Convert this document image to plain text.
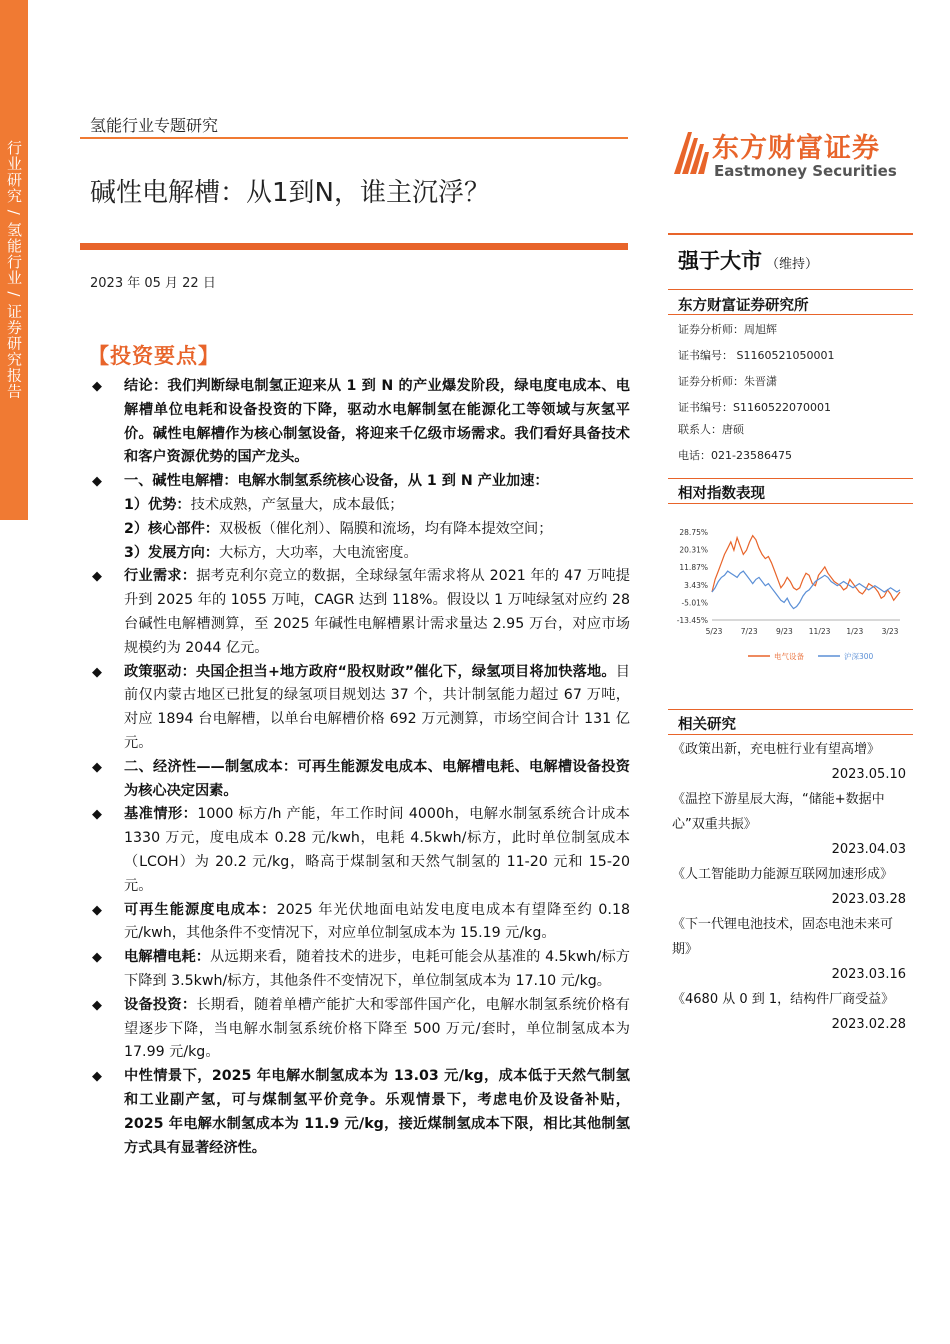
行业研究 / 氢能行业 / 证券研究报告
氢能行业专题研究
碱性电解槽：从1到N，谁主沉浮？
2023 年 05 月 22 日
【投资要点】

◆ 结论：我们判断绿电制氢正迎来从 1 到 N 的产业爆发阶段，绿电度电成本、电解槽单位电耗和设备投资的下降，驱动水电解制氢在能源化工等领域与灰氢平价。碱性电解槽作为核心制氢设备，将迎来千亿级市场需求。我们看好具备技术和客户资源优势的国产龙头。

◆ 一、碱性电解槽：电解水制氢系统核心设备，从 1 到 N 产业加速：

1）优势：技术成熟，产氢量大，成本最低；

2）核心部件：双极板（催化剂）、隔膜和流场，均有降本提效空间；

3）发展方向：大标方，大功率，大电流密度。

◆ 行业需求：据考克利尔竞立的数据，全球绿氢年需求将从 2021 年的 47 万吨提升到 2025 年的 1055 万吨，CAGR 达到 118%。假设以 1 万吨绿氢对应约 28 台碱性电解槽测算，至 2025 年碱性电解槽累计需求量达 2.95 万台，对应市场规模约为 2044 亿元。

◆ 政策驱动：央国企担当+地方政府“股权财政”催化下，绿氢项目将加快落地。目前仅内蒙古地区已批复的绿氢项目规划达 37 个，共计制氢能力超过 67 万吨，对应 1894 台电解槽，以单台电解槽价格 692 万元测算，市场空间合计 131 亿元。

◆ 二、经济性——制氢成本：可再生能源发电成本、电解槽电耗、电解槽设备投资为核心决定因素。

◆ 基准情形：1000 标方/h 产能，年工作时间 4000h，电解水制氢系统合计成本 1330 万元，度电成本 0.28 元/kwh，电耗 4.5kwh/标方，此时单位制氢成本（LCOH）为 20.2 元/kg，略高于煤制氢和天然气制氢的 11-20 元和 15-20 元。

◆ 可再生能源度电成本：2025 年光伏地面电站发电度电成本有望降至约 0.18 元/kwh，其他条件不变情况下，对应单位制氢成本为 15.19 元/kg。

◆ 电解槽电耗：从远期来看，随着技术的进步，电耗可能会从基准的 4.5kwh/标方下降到 3.5kwh/标方，其他条件不变情况下，单位制氢成本为 17.10 元/kg。

◆ 设备投资：长期看，随着单槽产能扩大和零部件国产化，电解水制氢系统价格有望逐步下降，当电解水制氢系统价格下降至 500 万元/套时，单位制氢成本为 17.99 元/kg。

◆ 中性情景下，2025 年电解水制氢成本为 13.03 元/kg，成本低于天然气制氢和工业副产氢，可与煤制氢平价竞争。乐观情景下，考虑电价及设备补贴，2025 年电解水制氢成本为 11.9 元/kg，接近煤制氢成本下限，相比其他制氢方式具有显著经济性。

东方财富证券
Eastmoney Securities
强于大市 （维持）
东方财富证券研究所
证券分析师：周旭辉
证书编号： S1160521050001
证券分析师：朱晋潇
证书编号：S1160522070001
联系人：唐硕
电话：021-23586475
相对指数表现
28.75%
20.31%
11.87%
3.43%
-5.01%
-13.45%
5/23 7/23 9/23 11/23 1/23 3/23
电气设备	沪深300
相关研究
《政策出新，充电桩行业有望高增》
2023.05.10
《温控下游星辰大海，“储能+数据中心”双重共振》
2023.04.03
《人工智能助力能源互联网加速形成》
2023.03.28
《下一代锂电池技术，固态电池未来可期》
2023.03.16
《4680 从 0 到 1，结构件厂商受益》
2023.02.28
